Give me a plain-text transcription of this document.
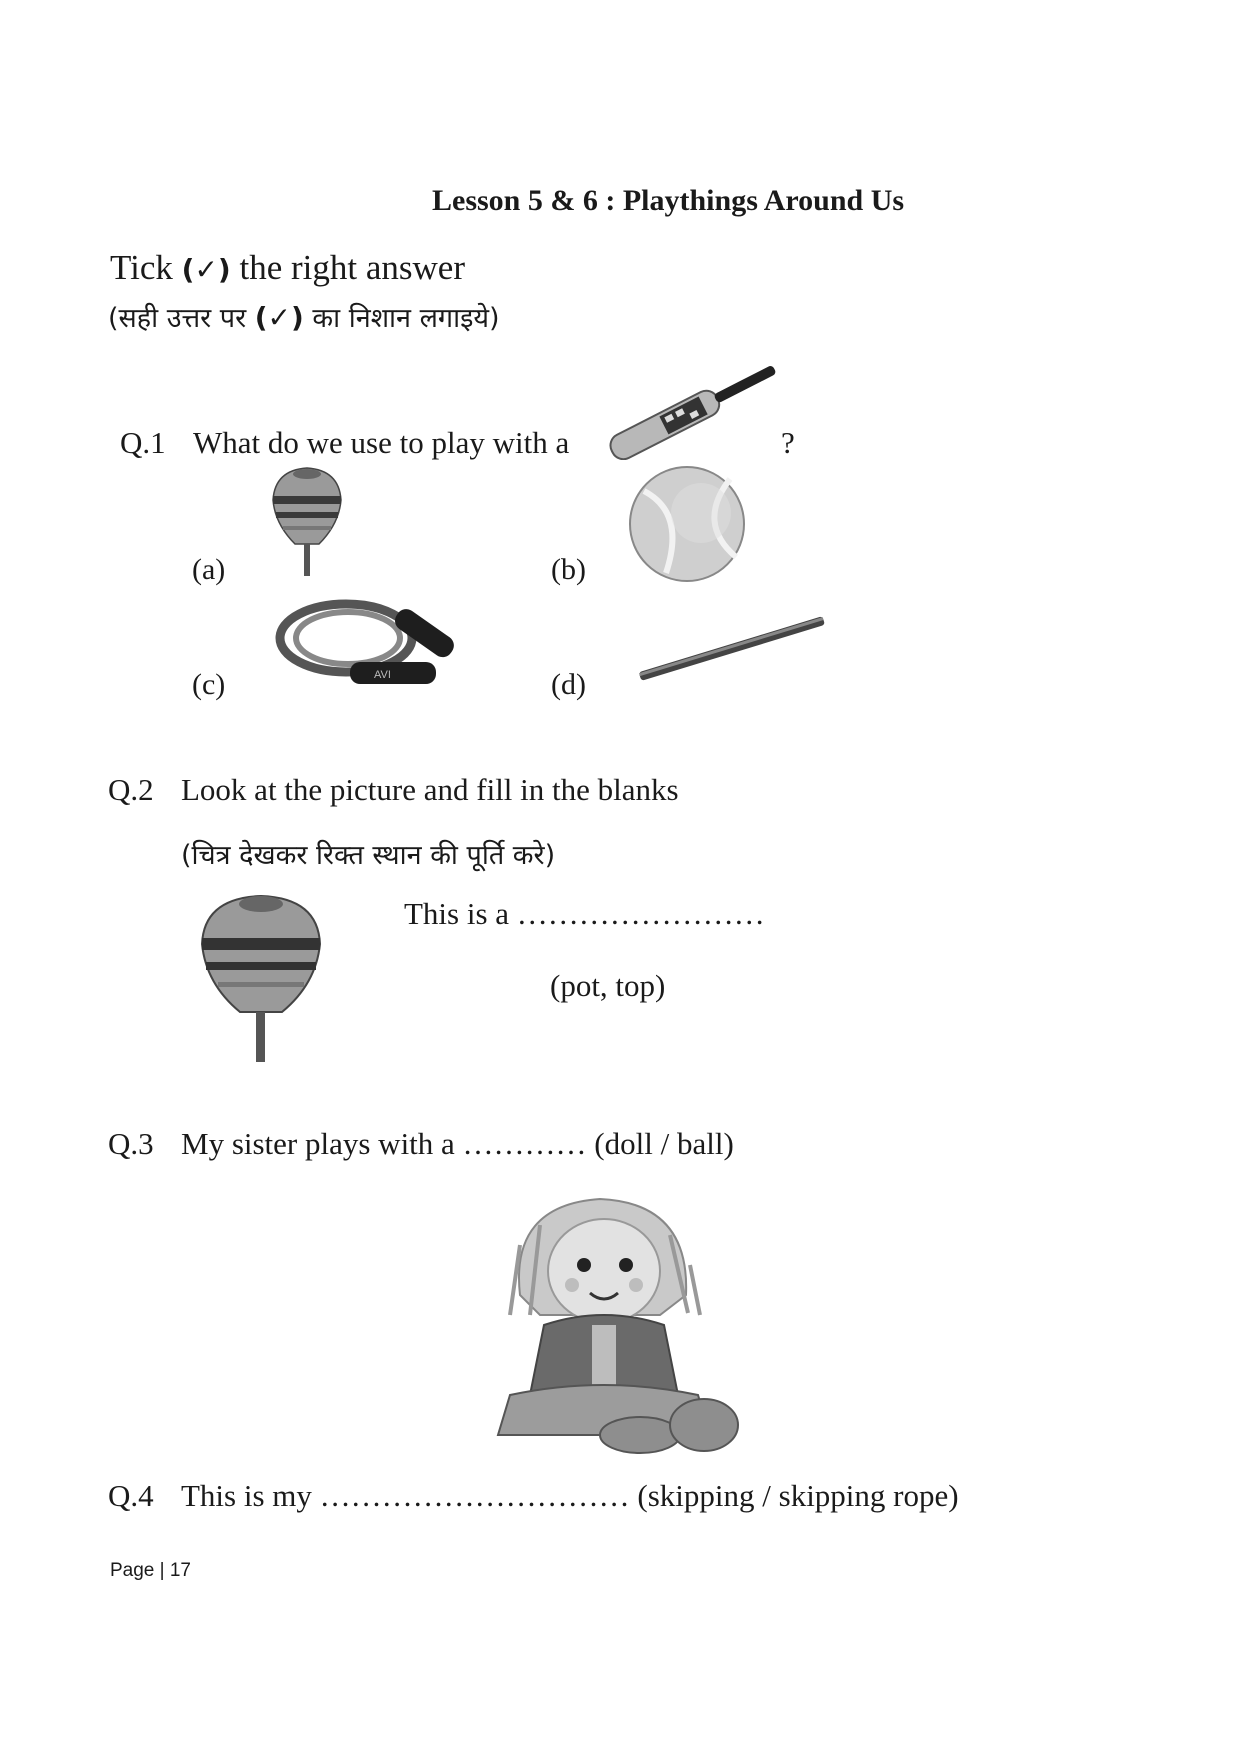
Lesson 5 & 6 : Playthings Around Us
Tick (✓) the right answer
(सही उत्तर पर (✓) का निशान लगाइये)
Q.1 What do we use to play with a	?
(a)	(b)
(c)	AVI	(d)
Q.2 Look at the picture and fill in the blanks
(चित्र देखकर रिक्त स्थान की पूर्ति करे)
This is a ……………………
(pot, top)
Q.3 My sister plays with a ………… (doll / ball)
Q.4 This is my ………………………… (skipping / skipping rope)
Page | 17
